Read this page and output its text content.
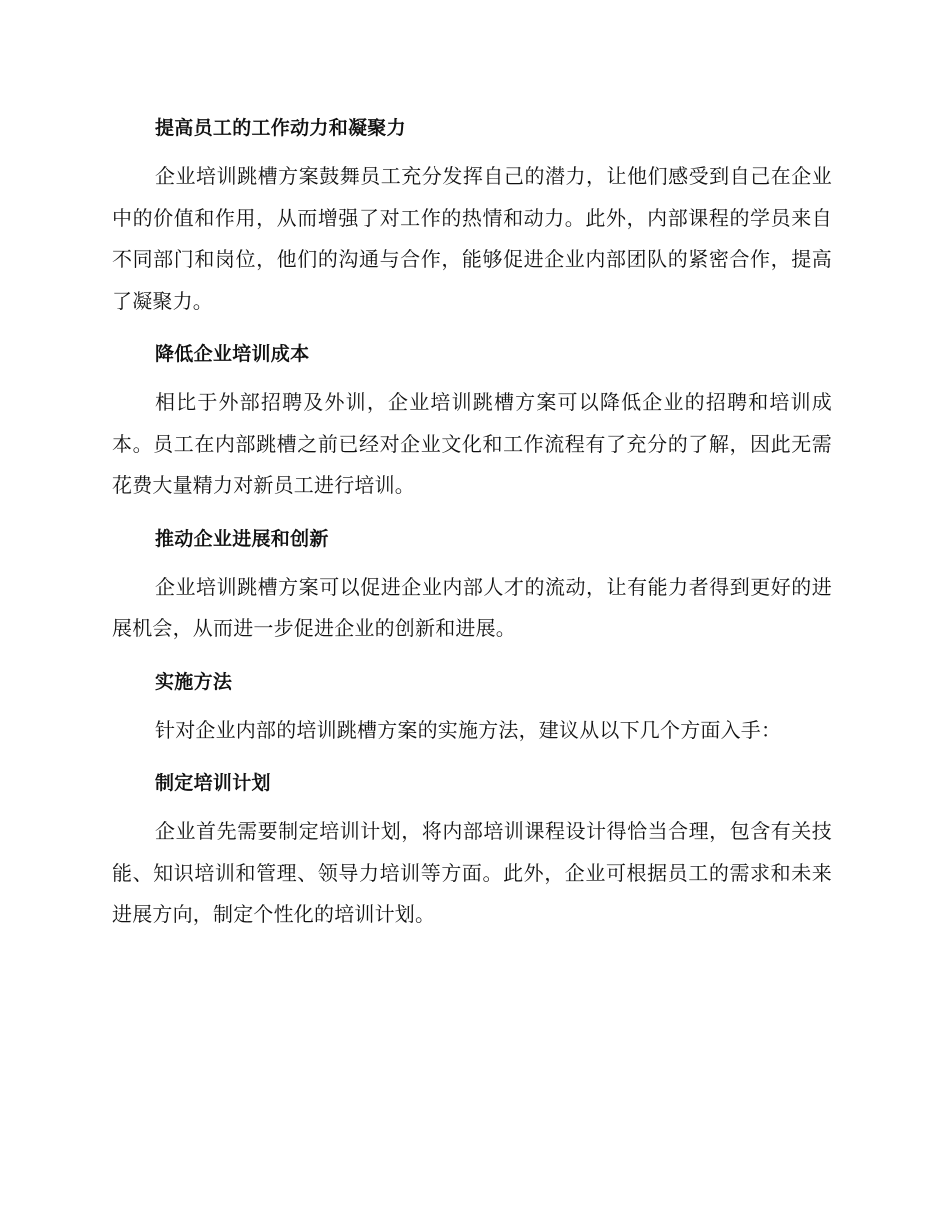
提高员工的工作动力和凝聚力

企业培训跳槽方案鼓舞员工充分发挥自己的潜力，让他们感受到自己在企业中的价值和作用，从而增强了对工作的热情和动力。此外，内部课程的学员来自不同部门和岗位，他们的沟通与合作，能够促进企业内部团队的紧密合作，提高了凝聚力。

降低企业培训成本

相比于外部招聘及外训，企业培训跳槽方案可以降低企业的招聘和培训成本。员工在内部跳槽之前已经对企业文化和工作流程有了充分的了解，因此无需花费大量精力对新员工进行培训。

推动企业进展和创新

企业培训跳槽方案可以促进企业内部人才的流动，让有能力者得到更好的进展机会，从而进一步促进企业的创新和进展。

实施方法

针对企业内部的培训跳槽方案的实施方法，建议从以下几个方面入手：

制定培训计划

企业首先需要制定培训计划，将内部培训课程设计得恰当合理，包含有关技能、知识培训和管理、领导力培训等方面。此外，企业可根据员工的需求和未来进展方向，制定个性化的培训计划。
